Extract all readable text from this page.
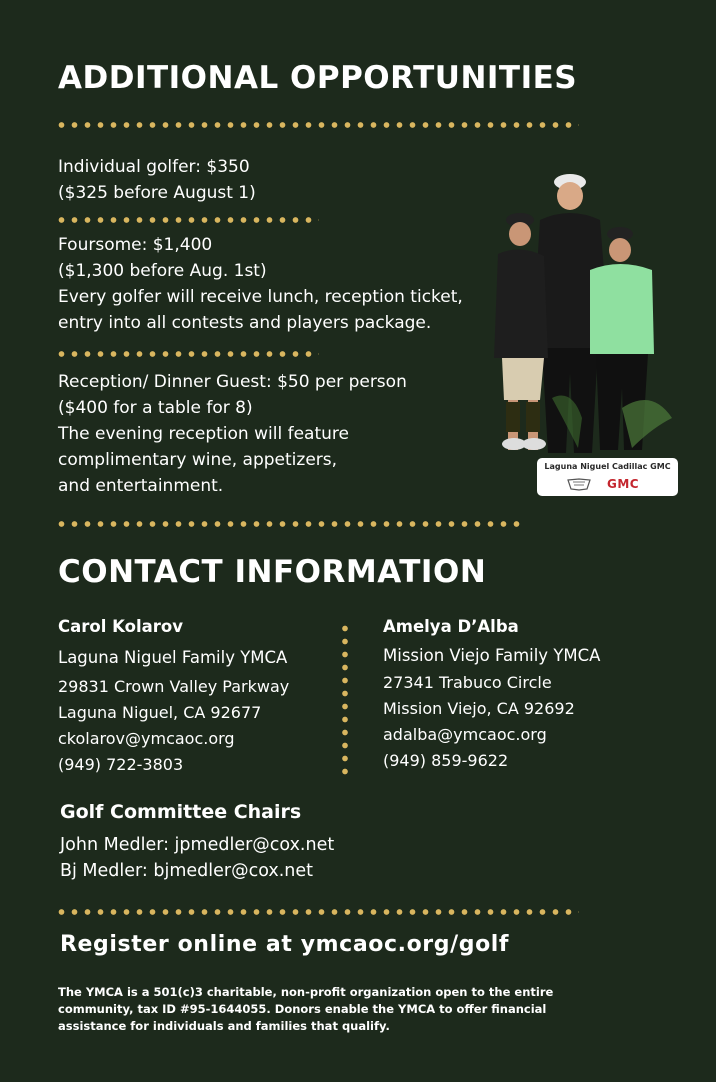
ADDITIONAL OPPORTUNITIES
Individual golfer: $350
($325 before August 1)
Foursome: $1,400
($1,300 before Aug. 1st)
Every golfer will receive lunch, reception ticket,
entry into all contests and players package.
Reception/ Dinner Guest: $50 per person
($400 for a table for 8)
The evening reception will feature
complimentary wine, appetizers,
and entertainment.
Laguna Niguel Cadillac GMC
GMC
CONTACT INFORMATION
Carol Kolarov
Laguna Niguel Family YMCA
29831 Crown Valley Parkway
Laguna Niguel, CA 92677
ckolarov@ymcaoc.org
(949) 722-3803
Amelya D’Alba
Mission Viejo Family YMCA
27341 Trabuco Circle
Mission Viejo, CA 92692
adalba@ymcaoc.org
(949) 859-9622
Golf Committee Chairs
John Medler: jpmedler@cox.net
Bj Medler: bjmedler@cox.net
Register online at ymcaoc.org/golf
The YMCA is a 501(c)3 charitable, non-profit organization open to the entire
community, tax ID #95-1644055. Donors enable the YMCA to offer financial
assistance for individuals and families that qualify.
